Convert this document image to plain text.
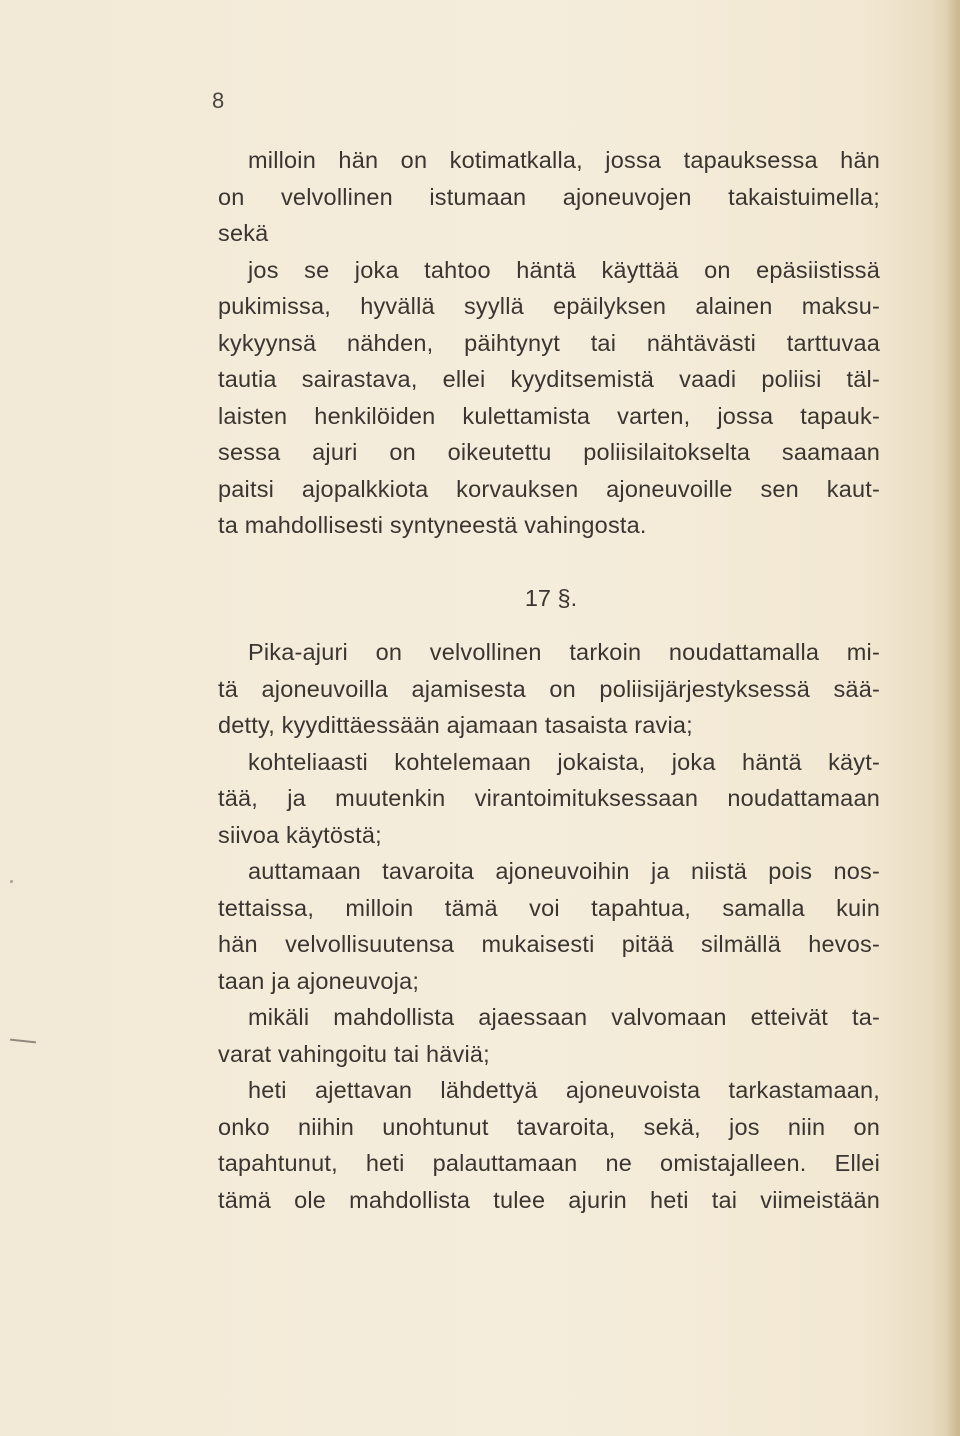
8
milloin hän on kotimatkalla, jossa tapauksessa hän
on velvollinen istumaan ajoneuvojen takaistuimella;
sekä
jos se joka tahtoo häntä käyttää on epäsiistissä
pukimissa, hyvällä syyllä epäilyksen alainen maksu-
kykyynsä nähden, päihtynyt tai nähtävästi tarttuvaa
tautia sairastava, ellei kyyditsemistä vaadi poliisi täl-
laisten henkilöiden kulettamista varten, jossa tapauk-
sessa ajuri on oikeutettu poliisilaitokselta saamaan
paitsi ajopalkkiota korvauksen ajoneuvoille sen kaut-
ta mahdollisesti syntyneestä vahingosta.
17 §.
Pika-ajuri on velvollinen tarkoin noudattamalla mi-
tä ajoneuvoilla ajamisesta on poliisijärjestyksessä sää-
detty, kyydittäessään ajamaan tasaista ravia;
kohteliaasti kohtelemaan jokaista, joka häntä käyt-
tää, ja muutenkin virantoimituksessaan noudattamaan
siivoa käytöstä;
auttamaan tavaroita ajoneuvoihin ja niistä pois nos-
tettaissa, milloin tämä voi tapahtua, samalla kuin
hän velvollisuutensa mukaisesti pitää silmällä hevos-
taan ja ajoneuvoja;
mikäli mahdollista ajaessaan valvomaan etteivät ta-
varat vahingoitu tai häviä;
heti ajettavan lähdettyä ajoneuvoista tarkastamaan,
onko niihin unohtunut tavaroita, sekä, jos niin on
tapahtunut, heti palauttamaan ne omistajalleen. Ellei
tämä ole mahdollista tulee ajurin heti tai viimeistään
